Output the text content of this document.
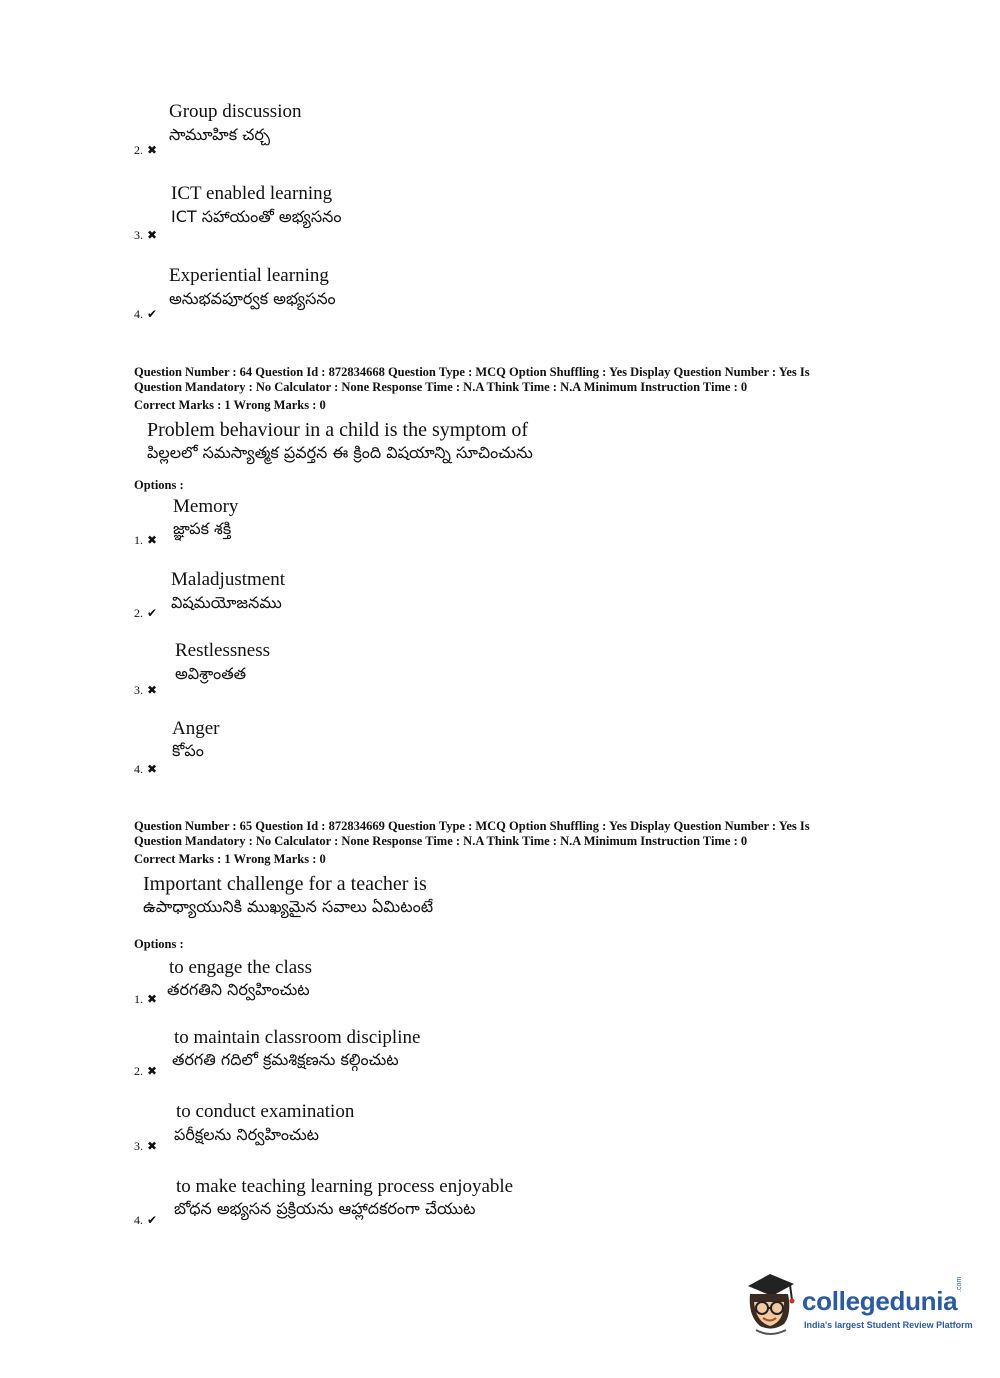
Group discussion
సామూహిక చర్చ
2. ✖
ICT enabled learning
ICT సహాయంతో అభ్యసనం
3. ✖
Experiential learning
అనుభవపూర్వక అభ్యసనం
4. ✔
Question Number : 64 Question Id : 872834668 Question Type : MCQ Option Shuffling : Yes Display Question Number : Yes Is
Question Mandatory : No Calculator : None Response Time : N.A Think Time : N.A Minimum Instruction Time : 0
Correct Marks : 1 Wrong Marks : 0
Problem behaviour in a child is the symptom of
పిల్లలలో సమస్యాత్మక ప్రవర్తన ఈ క్రింది విషయాన్ని సూచించును
Options :
Memory
జ్ఞాపక శక్తి
1. ✖
Maladjustment
విషమయోజనము
2. ✔
Restlessness
అవిశ్రాంతత
3. ✖
Anger
కోపం
4. ✖
Question Number : 65 Question Id : 872834669 Question Type : MCQ Option Shuffling : Yes Display Question Number : Yes Is
Question Mandatory : No Calculator : None Response Time : N.A Think Time : N.A Minimum Instruction Time : 0
Correct Marks : 1 Wrong Marks : 0
Important challenge for a teacher is
ఉపాధ్యాయునికి ముఖ్యమైన సవాలు ఏమిటంటే
Options :
to engage the class
తరగతిని నిర్వహించుట
1. ✖
to maintain classroom discipline
తరగతి గదిలో క్రమశిక్షణను కల్గించుట
2. ✖
to conduct examination
పరీక్షలను నిర్వహించుట
3. ✖
to make teaching learning process enjoyable
బోధన అభ్యసన ప్రక్రియను ఆహ్లాదకరంగా చేయుట
4. ✔
collegedunia
.com
India's largest Student Review Platform
